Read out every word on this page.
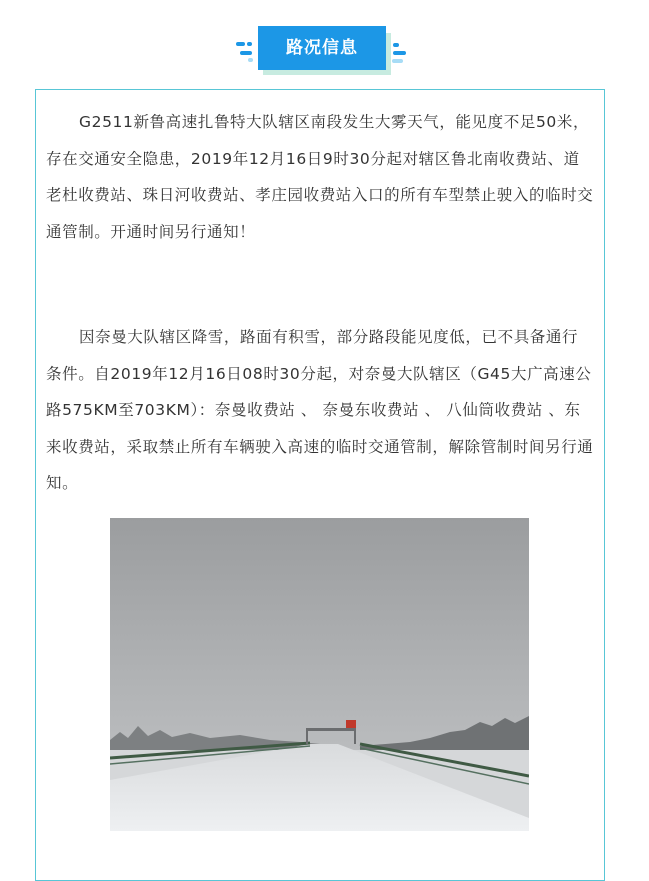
路况信息

G2511新鲁高速扎鲁特大队辖区南段发生大雾天气，能见度不足50米，存在交通安全隐患，2019年12月16日9时30分起对辖区鲁北南收费站、道老杜收费站、珠日河收费站、孝庄园收费站入口的所有车型禁止驶入的临时交通管制。开通时间另行通知！

因奈曼大队辖区降雪，路面有积雪，部分路段能见度低，已不具备通行条件。自2019年12月16日08时30分起，对奈曼大队辖区（G45大广高速公路575KM至703KM）：奈曼收费站 、 奈曼东收费站 、 八仙筒收费站 、东来收费站，采取禁止所有车辆驶入高速的临时交通管制，解除管制时间另行通知。
